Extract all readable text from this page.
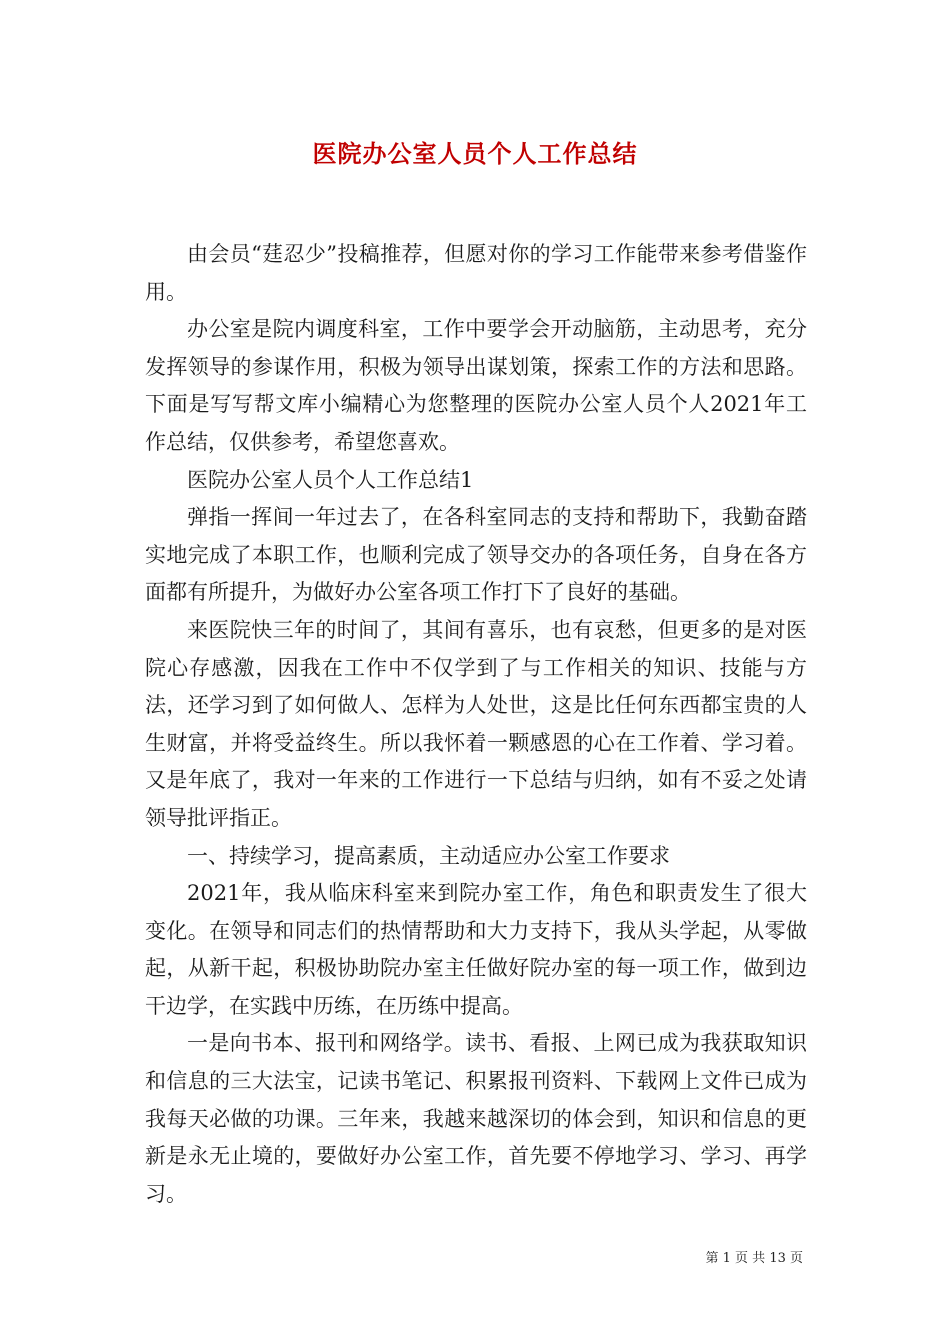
医院办公室人员个人工作总结

由会员“莛忍少”投稿推荐，但愿对你的学习工作能带来参考借鉴作用。

办公室是院内调度科室，工作中要学会开动脑筋，主动思考，充分发挥领导的参谋作用，积极为领导出谋划策，探索工作的方法和思路。下面是写写帮文库小编精心为您整理的医院办公室人员个人2021年工作总结，仅供参考，希望您喜欢。

医院办公室人员个人工作总结1

弹指一挥间一年过去了，在各科室同志的支持和帮助下，我勤奋踏实地完成了本职工作，也顺利完成了领导交办的各项任务，自身在各方面都有所提升，为做好办公室各项工作打下了良好的基础。

来医院快三年的时间了，其间有喜乐，也有哀愁，但更多的是对医院心存感激，因我在工作中不仅学到了与工作相关的知识、技能与方法，还学习到了如何做人、怎样为人处世，这是比任何东西都宝贵的人生财富，并将受益终生。所以我怀着一颗感恩的心在工作着、学习着。又是年底了，我对一年来的工作进行一下总结与归纳，如有不妥之处请领导批评指正。

一、持续学习，提高素质，主动适应办公室工作要求

2021年，我从临床科室来到院办室工作，角色和职责发生了很大变化。在领导和同志们的热情帮助和大力支持下，我从头学起，从零做起，从新干起，积极协助院办室主任做好院办室的每一项工作，做到边干边学，在实践中历练，在历练中提高。

一是向书本、报刊和网络学。读书、看报、上网已成为我获取知识和信息的三大法宝，记读书笔记、积累报刊资料、下载网上文件已成为我每天必做的功课。三年来，我越来越深切的体会到，知识和信息的更新是永无止境的，要做好办公室工作，首先要不停地学习、学习、再学习。

第 1 页 共 13 页
